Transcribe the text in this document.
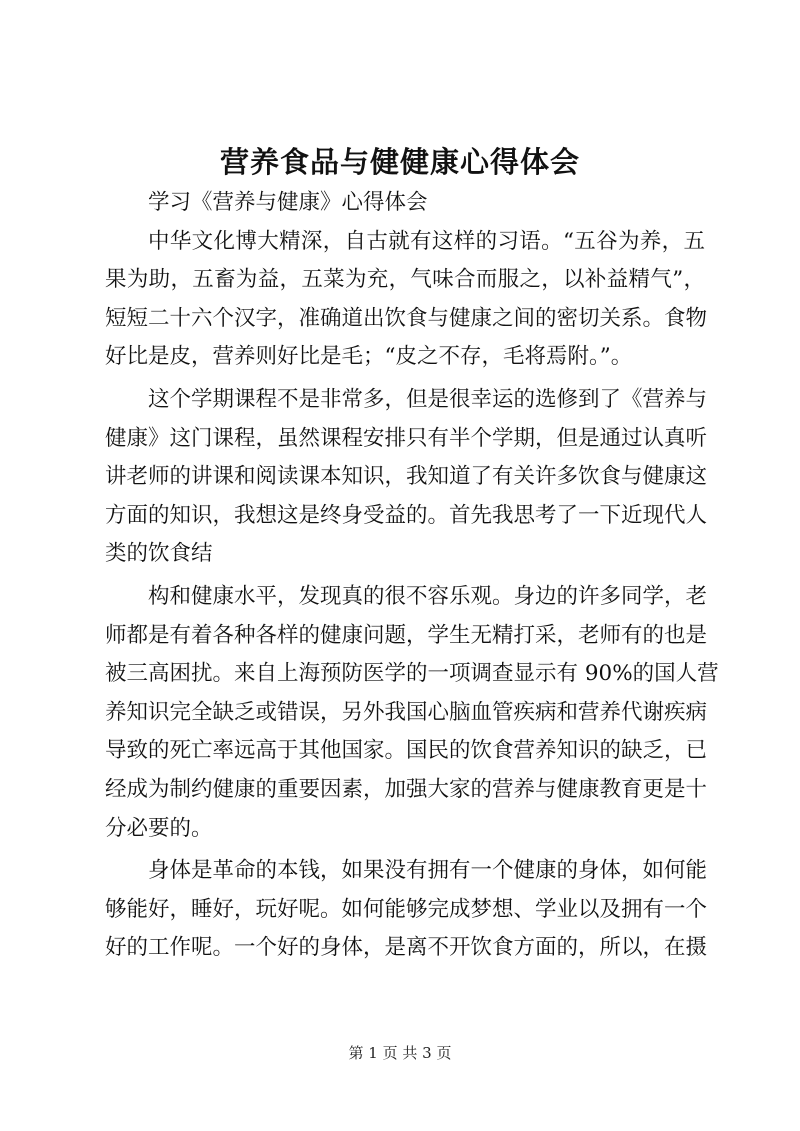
营养食品与健健康心得体会
学习《营养与健康》心得体会
中华文化博大精深，自古就有这样的习语。“五谷为养，五
果为助，五畜为益，五菜为充，气味合而服之，以补益精气”，
短短二十六个汉字，准确道出饮食与健康之间的密切关系。食物
好比是皮，营养则好比是毛；“皮之不存，毛将焉附。”。
这个学期课程不是非常多，但是很幸运的选修到了《营养与
健康》这门课程，虽然课程安排只有半个学期，但是通过认真听
讲老师的讲课和阅读课本知识，我知道了有关许多饮食与健康这
方面的知识，我想这是终身受益的。首先我思考了一下近现代人
类的饮食结
构和健康水平，发现真的很不容乐观。身边的许多同学，老
师都是有着各种各样的健康问题，学生无精打采，老师有的也是
被三高困扰。来自上海预防医学的一项调查显示有 90%的国人营
养知识完全缺乏或错误，另外我国心脑血管疾病和营养代谢疾病
导致的死亡率远高于其他国家。国民的饮食营养知识的缺乏，已
经成为制约健康的重要因素，加强大家的营养与健康教育更是十
分必要的。
身体是革命的本钱，如果没有拥有一个健康的身体，如何能
够能好，睡好，玩好呢。如何能够完成梦想、学业以及拥有一个
好的工作呢。一个好的身体，是离不开饮食方面的，所以，在摄
第 1 页 共 3 页
